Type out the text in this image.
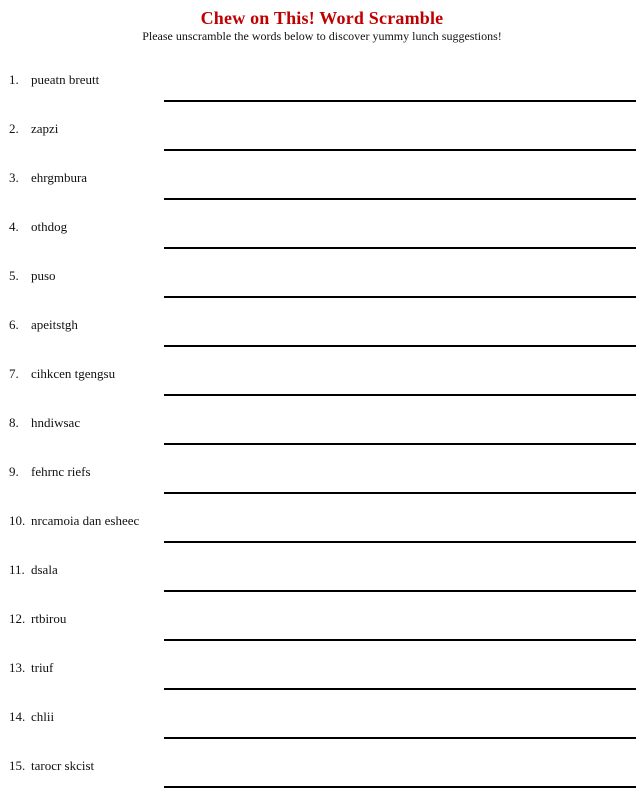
Chew on This! Word Scramble
Please unscramble the words below to discover yummy lunch suggestions!
1. pueatn breutt
2. zapzi
3. ehrgmbura
4. othdog
5. puso
6. apeitstgh
7. cihkcen tgengsu
8. hndiwsac
9. fehrnc riefs
10. nrcamoia dan esheec
11. dsala
12. rtbirou
13. triuf
14. chlii
15. tarocr skcist
